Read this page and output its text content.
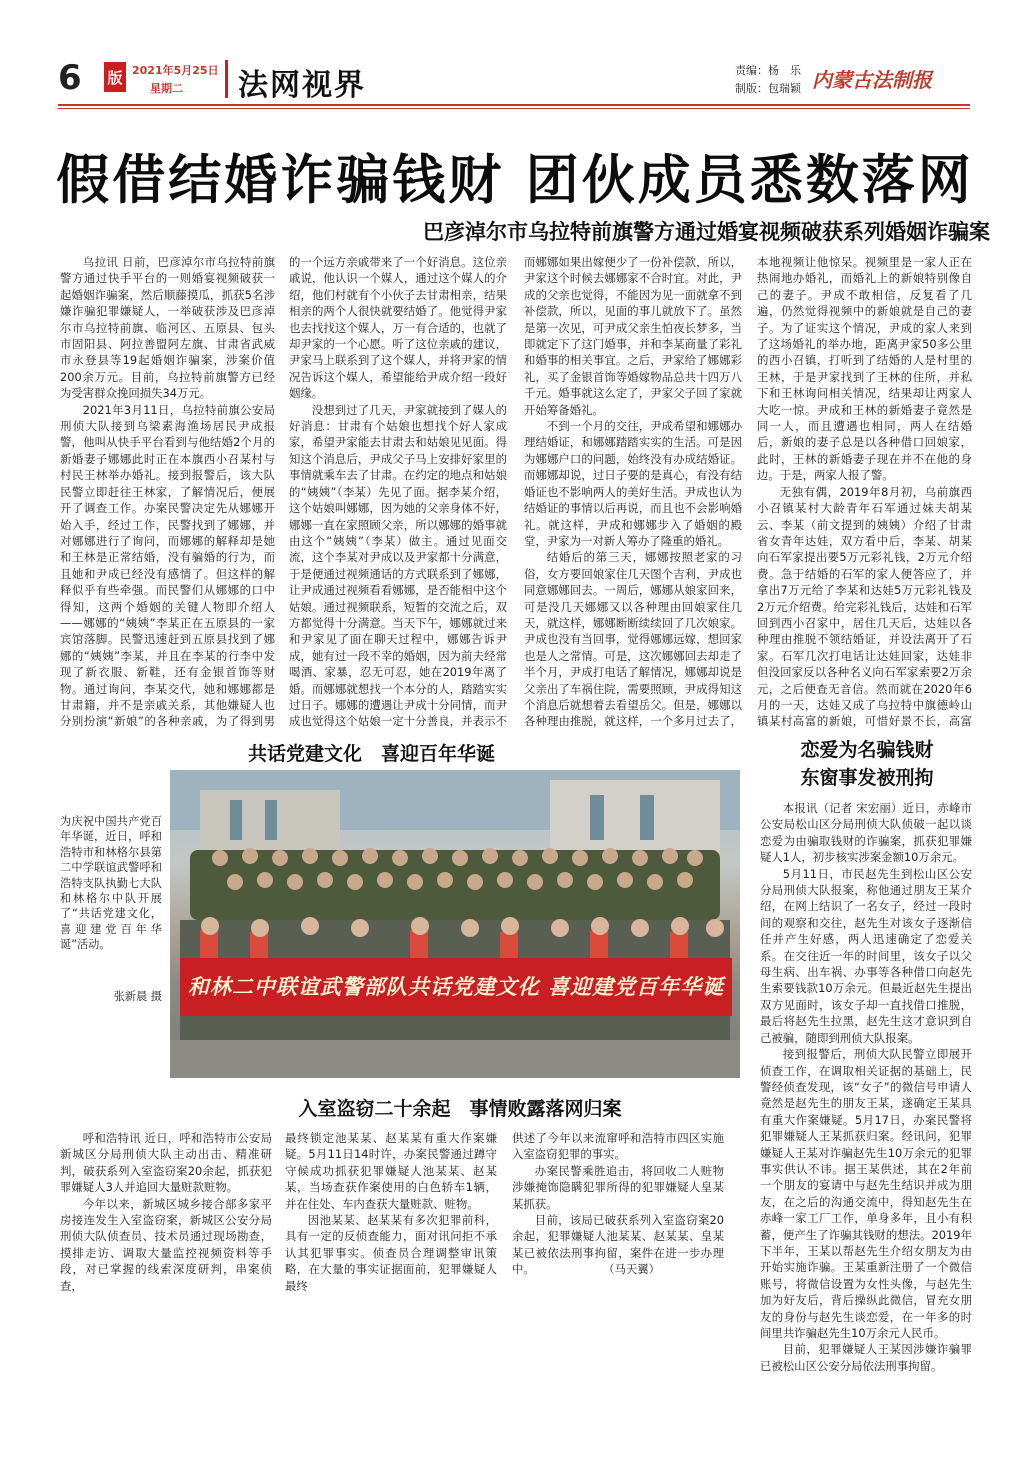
6 版 2021年5月25日
星期二 法网视界	责编：杨　乐
制版：包瑞颖 内蒙古法制报
假借结婚诈骗钱财 团伙成员悉数落网
巴彦淖尔市乌拉特前旗警方通过婚宴视频破获系列婚姻诈骗案

乌拉讯 日前，巴彦淖尔市乌拉特前旗警方通过快手平台的一则婚宴视频破获一起婚姻诈骗案，然后顺藤摸瓜，抓获5名涉嫌诈骗犯罪嫌疑人，一举破获涉及巴彦淖尔市乌拉特前旗、临河区、五原县、包头市固阳县、阿拉善盟阿左旗、甘肃省武威市永登县等19起婚姻诈骗案，涉案价值200余万元。目前，乌拉特前旗警方已经为受害群众挽回损失34万元。

2021年3月11日，乌拉特前旗公安局刑侦大队接到乌梁素海渔场居民尹成报警，他叫从快手平台看到与他结婚2个月的新婚妻子娜娜此时正在本旗西小召某村与村民王林举办婚礼。接到报警后，该大队民警立即赶往王林家，了解情况后，便展开了调查工作。办案民警决定先从娜娜开始入手，经过工作，民警找到了娜娜，并对娜娜进行了询问，而娜娜的解释却是她和王林是正常结婚，没有骗婚的行为，而且她和尹成已经没有感情了。但这样的解释似乎有些牵强。而民警们从娜娜的口中得知，这两个婚姻的关键人物即介绍人——娜娜的“姨姨”李某正在五原县的一家宾馆落脚。民警迅速赶到五原县找到了娜娜的“姨姨”李某，并且在李某的行李中发现了新衣服、新鞋，还有金银首饰等财物。通过询问，李某交代，她和娜娜都是甘肃籍，并不是亲戚关系，其他嫌疑人也分别扮演“新娘”的各种亲戚，为了得到男

的一个远方亲戚带来了一个好消息。这位亲戚说，他认识一个媒人，通过这个媒人的介绍，他们村就有个小伙子去甘肃相亲，结果相亲的两个人很快就要结婚了。他觉得尹家也去找找这个媒人，万一有合适的，也就了却尹家的一个心愿。听了这位亲戚的建议，尹家马上联系到了这个媒人，并将尹家的情况告诉这个媒人，希望能给尹成介绍一段好姻缘。

没想到过了几天，尹家就接到了媒人的好消息：甘肃有个姑娘也想找个好人家成家，希望尹家能去甘肃去和姑娘见见面。得知这个消息后，尹成父子马上安排好家里的事情就乘车去了甘肃。在约定的地点和姑娘的“姨姨”（李某）先见了面。据李某介绍，这个姑娘叫娜娜，因为她的父亲身体不好，娜娜一直在家照顾父亲，所以娜娜的婚事就由这个“姨姨”（李某）做主。通过见面交流，这个李某对尹成以及尹家都十分满意，于是便通过视频通话的方式联系到了娜娜，让尹成通过视频看看娜娜，是否能相中这个姑娘。通过视频联系，短暂的交流之后，双方都觉得十分满意。当天下午，娜娜就过来和尹家见了面在聊天过程中，娜娜告诉尹成，她有过一段不幸的婚姻，因为前夫经常喝酒、家暴，忍无可忍，她在2019年离了婚。而娜娜就想找一个本分的人，踏踏实实过日子。娜娜的遭遇让尹成十分同情，而尹成也觉得这个姑娘一定十分善良，并表示不

而娜娜如果出嫁便少了一份补偿款，所以，尹家这个时候去娜娜家不合时宜。对此，尹成的父亲也觉得，不能因为见一面就拿不到补偿款，所以，见面的事儿就放下了。虽然是第一次见，可尹成父亲生怕夜长梦多，当即就定下了这门婚事，并和李某商量了彩礼和婚事的相关事宜。之后，尹家给了娜娜彩礼，买了金银首饰等婚嫁物品总共十四万八千元。婚事就这么定了，尹家父子回了家就开始筹备婚礼。

不到一个月的交往，尹成希望和娜娜办理结婚证，和娜娜踏踏实实的生活。可是因为娜娜户口的问题，始终没有办成结婚证。而娜娜却说，过日子要的是真心，有没有结婚证也不影响两人的美好生活。尹成也认为结婚证的事情以后再说，而且也不会影响婚礼。就这样，尹成和娜娜步入了婚姻的殿堂，尹家为一对新人筹办了隆重的婚礼。

结婚后的第三天，娜娜按照老家的习俗，女方要回娘家住几天图个吉利，尹成也同意娜娜回去。一周后，娜娜从娘家回来，可是没几天娜娜又以各种理由回娘家住几天，就这样，娜娜断断续续回了几次娘家。尹成也没有当回事，觉得娜娜远嫁，想回家也是人之常情。可是，这次娜娜回去却走了半个月，尹成打电话了解情况，娜娜却说是父亲出了车祸住院，需要照顾，尹成得知这个消息后就想着去看望岳父。但是，娜娜以各种理由推脱，就这样，一个多月过去了，

本地视频让他惊呆。视频里是一家人正在热闹地办婚礼，而婚礼上的新娘特别像自己的妻子。尹成不敢相信，反复看了几遍，仍然觉得视频中的新娘就是自己的妻子。为了证实这个情况，尹成的家人来到了这场婚礼的举办地，距离尹家50多公里的西小召镇，打听到了结婚的人是村里的王林，于是尹家找到了王林的住所，并私下和王林询问相关情况，结果却让两家人大吃一惊。尹成和王林的新婚妻子竟然是同一人，而且遭遇也相同，两人在结婚后，新娘的妻子总是以各种借口回娘家，此时，王林的新婚妻子现在并不在他的身边。于是，两家人报了警。

无独有偶，2019年8月初，乌前旗西小召镇某村大龄青年石军通过妹夫胡某云、李某（前文提到的姨姨）介绍了甘肃省女青年达娃，双方看中后，李某、胡某向石军家提出要5万元彩礼钱，2万元介绍费。急于结婚的石军的家人便答应了，并拿出7万元给了李某和达娃5万元彩礼钱及2万元介绍费。给完彩礼钱后，达娃和石军回到西小召家中，居住几天后，达娃以各种理由推脱不领结婚证，并设法离开了石家。石军几次打电话让达娃回家，达娃非但没回家反以各种名义向石军家索要2万余元，之后便查无音信。然而就在2020年6月的一天，达娃又成了乌拉特中旗德岭山镇某村高富的新娘，可惜好景不长，高富

共话党建文化　喜迎百年华诞
和林二中联谊武警部队共话党建文化 喜迎建党百年华诞
为庆祝中国共产党百年华诞，近日，呼和浩特市和林格尔县第二中学联谊武警呼和浩特支队执勤七大队和林格尔中队开展了“共话党建文化，喜迎建党百年华诞”活动。
张新晨 摄
恋爱为名骗钱财
东窗事发被刑拘

本报讯（记者 宋宏丽）近日，赤峰市公安局松山区分局刑侦大队侦破一起以谈恋爱为由骗取钱财的诈骗案，抓获犯罪嫌疑人1人，初步核实涉案金额10万余元。

5月11日，市民赵先生到松山区公安分局刑侦大队报案，称他通过朋友王某介绍，在网上结识了一名女子，经过一段时间的观察和交往，赵先生对该女子逐渐信任并产生好感，两人迅速确定了恋爱关系。在交往近一年的时间里，该女子以父母生病、出车祸、办事等各种借口向赵先生索要钱款10万余元。但最近赵先生提出双方见面时，该女子却一直找借口推脱，最后将赵先生拉黑，赵先生这才意识到自己被骗，随即到刑侦大队报案。

接到报警后，刑侦大队民警立即展开侦查工作，在调取相关证据的基础上，民警经侦查发现，该“女子”的微信号申请人竟然是赵先生的朋友王某，遂确定王某具有重大作案嫌疑。5月17日，办案民警将犯罪嫌疑人王某抓获归案。经讯问，犯罪嫌疑人王某对诈骗赵先生10万余元的犯罪事实供认不讳。据王某供述，其在2年前一个朋友的宴请中与赵先生结识并成为朋友，在之后的沟通交流中，得知赵先生在赤峰一家工厂工作，单身多年，且小有积蓄，便产生了诈骗其钱财的想法。2019年下半年，王某以帮赵先生介绍女朋友为由开始实施诈骗。王某重新注册了一个微信账号，将微信设置为女性头像，与赵先生加为好友后，背后操纵此微信，冒充女朋友的身份与赵先生谈恋爱，在一年多的时间里共诈骗赵先生10万余元人民币。

目前，犯罪嫌疑人王某因涉嫌诈骗罪已被松山区公安分局依法刑事拘留。

入室盗窃二十余起　事情败露落网归案

呼和浩特讯 近日，呼和浩特市公安局新城区分局刑侦大队主动出击、精准研判，破获系列入室盗窃案20余起，抓获犯罪嫌疑人3人并追回大量赃款赃物。

今年以来，新城区城乡接合部多家平房接连发生入室盗窃案，新城区公安分局刑侦大队侦查员、技术员通过现场勘查，摸排走访、调取大量监控视频资料等手段，对已掌握的线索深度研判，串案侦查，

最终锁定池某某、赵某某有重大作案嫌疑。5月11日14时许，办案民警通过蹲守守候成功抓获犯罪嫌疑人池某某、赵某某，当场查获作案使用的白色轿车1辆，并在住处、车内查获大量赃款、赃物。

因池某某、赵某某有多次犯罪前科，具有一定的反侦查能力，面对讯问拒不承认其犯罪事实。侦查员合理调整审讯策略，在大量的事实证据面前，犯罪嫌疑人最终

供述了今年以来流窜呼和浩特市四区实施入室盗窃犯罪的事实。

办案民警乘胜追击，将回收二人赃物涉嫌掩饰隐瞒犯罪所得的犯罪嫌疑人皇某某抓获。

目前，该局已破获系列入室盗窃案20余起，犯罪嫌疑人池某某、赵某某、皇某某已被依法刑事拘留，案件在进一步办理中。　　　　　　　（马天翼）
